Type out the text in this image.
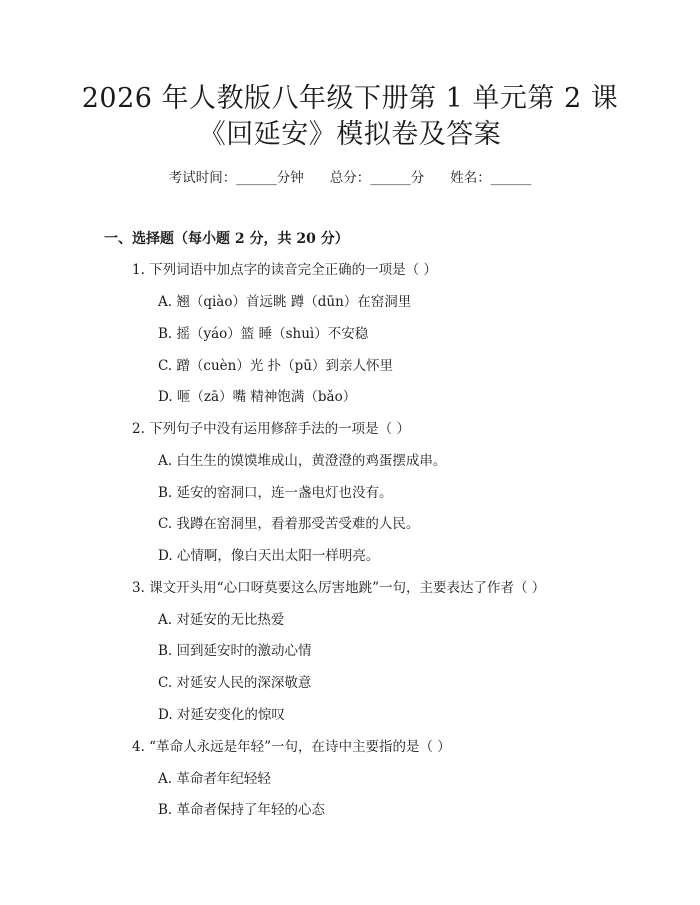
2026 年人教版八年级下册第 1 单元第 2 课
《回延安》模拟卷及答案
考试时间：______分钟 总分：______分 姓名：______
一、选择题（每小题 2 分，共 20 分）
1. 下列词语中加点字的读音完全正确的一项是（ ）
A. 翘（qiào）首远眺 蹲（dūn）在窑洞里
B. 摇（yáo）篮 睡（shuì）不安稳
C. 蹭（cuèn）光 扑（pū）到亲人怀里
D. 咂（zā）嘴 精神饱满（bǎo）
2. 下列句子中没有运用修辞手法的一项是（ ）
A. 白生生的馍馍堆成山，黄澄澄的鸡蛋摆成串。
B. 延安的窑洞口，连一盏电灯也没有。
C. 我蹲在窑洞里，看着那受苦受难的人民。
D. 心情啊，像白天出太阳一样明亮。
3. 课文开头用“心口呀莫要这么厉害地跳”一句，主要表达了作者（ ）
A. 对延安的无比热爱
B. 回到延安时的激动心情
C. 对延安人民的深深敬意
D. 对延安变化的惊叹
4. “革命人永远是年轻”一句，在诗中主要指的是（ ）
A. 革命者年纪轻轻
B. 革命者保持了年轻的心态
